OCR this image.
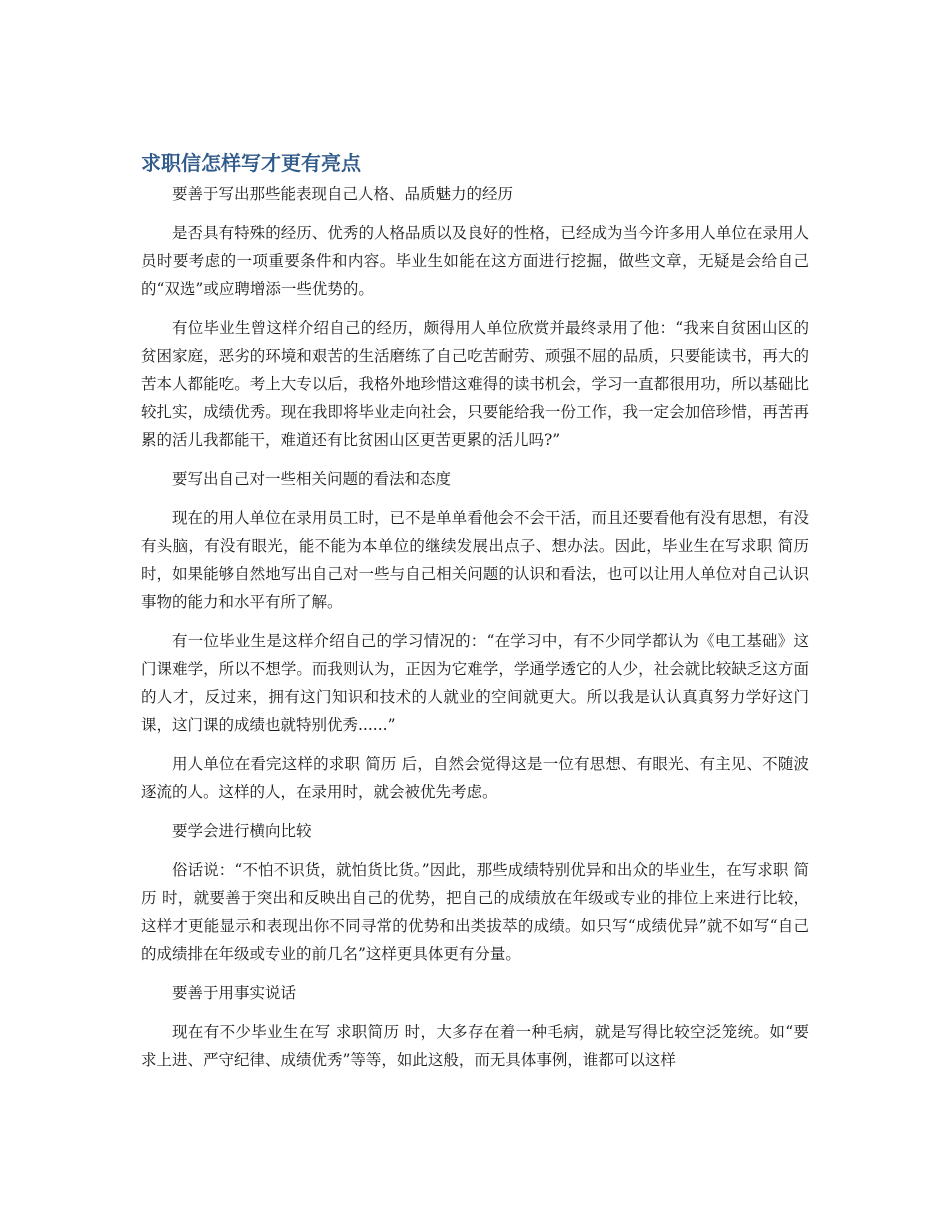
求职信怎样写才更有亮点

要善于写出那些能表现自己人格、品质魅力的经历

是否具有特殊的经历、优秀的人格品质以及良好的性格，已经成为当今许多用人单位在录用人员时要考虑的一项重要条件和内容。毕业生如能在这方面进行挖掘，做些文章，无疑是会给自己的“双选”或应聘增添一些优势的。

有位毕业生曾这样介绍自己的经历，颇得用人单位欣赏并最终录用了他：“我来自贫困山区的贫困家庭，恶劣的环境和艰苦的生活磨练了自己吃苦耐劳、顽强不屈的品质，只要能读书，再大的苦本人都能吃。考上大专以后，我格外地珍惜这难得的读书机会，学习一直都很用功，所以基础比较扎实，成绩优秀。现在我即将毕业走向社会，只要能给我一份工作，我一定会加倍珍惜，再苦再累的活儿我都能干，难道还有比贫困山区更苦更累的活儿吗?”

要写出自己对一些相关问题的看法和态度

现在的用人单位在录用员工时，已不是单单看他会不会干活，而且还要看他有没有思想，有没有头脑，有没有眼光，能不能为本单位的继续发展出点子、想办法。因此，毕业生在写求职 简历 时，如果能够自然地写出自己对一些与自己相关问题的认识和看法，也可以让用人单位对自己认识事物的能力和水平有所了解。

有一位毕业生是这样介绍自己的学习情况的：“在学习中，有不少同学都认为《电工基础》这门课难学，所以不想学。而我则认为，正因为它难学，学通学透它的人少，社会就比较缺乏这方面的人才，反过来，拥有这门知识和技术的人就业的空间就更大。所以我是认认真真努力学好这门课，这门课的成绩也就特别优秀......”

用人单位在看完这样的求职 简历 后，自然会觉得这是一位有思想、有眼光、有主见、不随波逐流的人。这样的人，在录用时，就会被优先考虑。

要学会进行横向比较

俗话说：“不怕不识货，就怕货比货。”因此，那些成绩特别优异和出众的毕业生，在写求职 简历 时，就要善于突出和反映出自己的优势，把自己的成绩放在年级或专业的排位上来进行比较，这样才更能显示和表现出你不同寻常的优势和出类拔萃的成绩。如只写“成绩优异”就不如写“自己的成绩排在年级或专业的前几名”这样更具体更有分量。

要善于用事实说话

现在有不少毕业生在写 求职简历 时，大多存在着一种毛病，就是写得比较空泛笼统。如“要求上进、严守纪律、成绩优秀”等等，如此这般，而无具体事例，谁都可以这样
